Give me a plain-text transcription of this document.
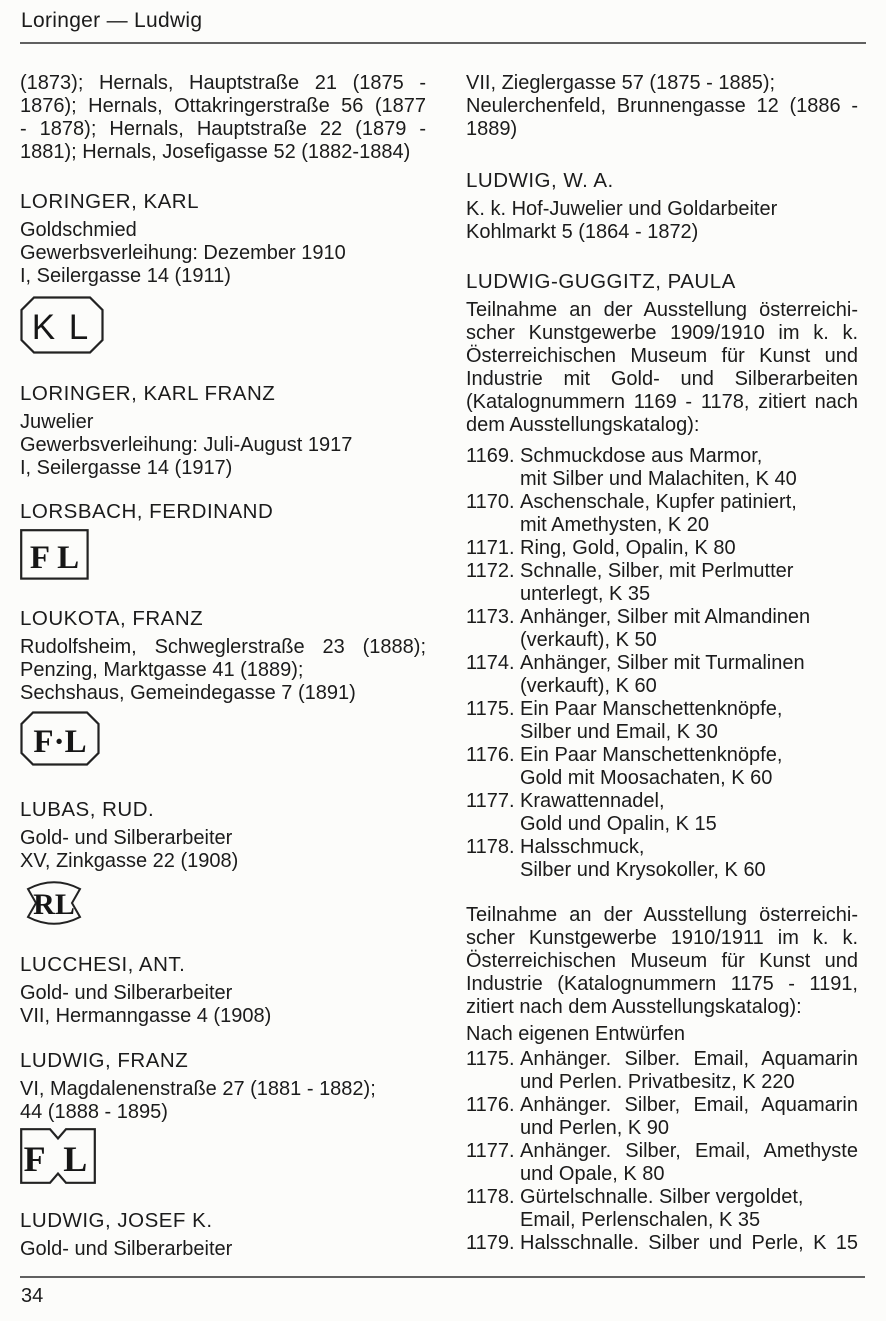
Loringer — Ludwig
(1873); Hernals, Hauptstraße 21 (1875 -
1876); Hernals, Ottakringerstraße 56 (1877
- 1878); Hernals, Hauptstraße 22 (1879 -
1881); Hernals, Josefigasse 52 (1882-1884)
LORINGER, KARL
Goldschmied
Gewerbsverleihung: Dezember 1910
I, Seilergasse 14 (1911)
K L
LORINGER, KARL FRANZ
Juwelier
Gewerbsverleihung: Juli-August 1917
I, Seilergasse 14 (1917)
LORSBACH, FERDINAND
F L
LOUKOTA, FRANZ
Rudolfsheim, Schweglerstraße 23 (1888);
Penzing, Marktgasse 41 (1889);
Sechshaus, Gemeindegasse 7 (1891)
F·L
LUBAS, RUD.
Gold- und Silberarbeiter
XV, Zinkgasse 22 (1908)
RL
LUCCHESI, ANT.
Gold- und Silberarbeiter
VII, Hermanngasse 4 (1908)
LUDWIG, FRANZ
VI, Magdalenenstraße 27 (1881 - 1882);
44 (1888 - 1895)
F L
LUDWIG, JOSEF K.
Gold- und Silberarbeiter
VII, Zieglergasse 57 (1875 - 1885);
Neulerchenfeld, Brunnengasse 12 (1886 -
1889)
LUDWIG, W. A.
K. k. Hof-Juwelier und Goldarbeiter
Kohlmarkt 5 (1864 - 1872)
LUDWIG-GUGGITZ, PAULA
Teilnahme an der Ausstellung österreichi-
scher Kunstgewerbe 1909/1910 im k. k.
Österreichischen Museum für Kunst und
Industrie mit Gold- und Silberarbeiten
(Katalognummern 1169 - 1178, zitiert nach
dem Ausstellungskatalog):
1169. Schmuckdose aus Marmor,
mit Silber und Malachiten, K 40
1170. Aschenschale, Kupfer patiniert,
mit Amethysten, K 20
1171. Ring, Gold, Opalin, K 80
1172. Schnalle, Silber, mit Perlmutter
unterlegt, K 35
1173. Anhänger, Silber mit Almandinen
(verkauft), K 50
1174. Anhänger, Silber mit Turmalinen
(verkauft), K 60
1175. Ein Paar Manschettenknöpfe,
Silber und Email, K 30
1176. Ein Paar Manschettenknöpfe,
Gold mit Moosachaten, K 60
1177. Krawattennadel,
Gold und Opalin, K 15
1178. Halsschmuck,
Silber und Krysokoller, K 60
Teilnahme an der Ausstellung österreichi-
scher Kunstgewerbe 1910/1911 im k. k.
Österreichischen Museum für Kunst und
Industrie (Katalognummern 1175 - 1191,
zitiert nach dem Ausstellungskatalog):
Nach eigenen Entwürfen
1175. Anhänger. Silber. Email, Aquamarin
und Perlen. Privatbesitz, K 220
1176. Anhänger. Silber, Email, Aquamarin
und Perlen, K 90
1177. Anhänger. Silber, Email, Amethyste
und Opale, K 80
1178. Gürtelschnalle. Silber vergoldet,
Email, Perlenschalen, K 35
1179. Halsschnalle. Silber und Perle, K 15
34
